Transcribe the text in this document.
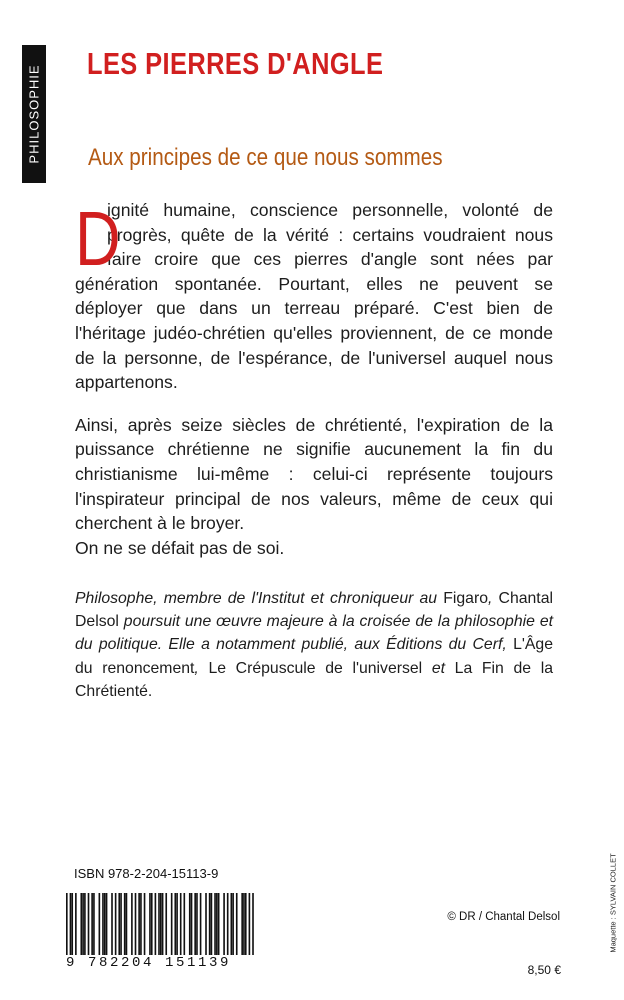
PHILOSOPHIE
LES PIERRES D'ANGLE
Aux principes de ce que nous sommes

D
ignité humaine, conscience personnelle, volonté de
progrès, quête de la vérité : certains voudraient nous
faire croire que ces pierres d'angle sont nées par
génération spontanée. Pourtant, elles ne peuvent se déployer que dans un terreau préparé. C'est bien de l'héritage judéo-chrétien qu'elles proviennent, de ce monde de la personne, de l'espérance, de l'universel auquel nous appartenons.

Ainsi, après seize siècles de chrétienté, l'expiration de la puissance chrétienne ne signifie aucunement la fin du christianisme lui-même : celui-ci représente toujours l'inspirateur principal de nos valeurs, même de ceux qui cherchent à le broyer.

On ne se défait pas de soi.

Philosophe, membre de l'Institut et chroniqueur au Figaro, Chantal Delsol poursuit une œuvre majeure à la croisée de la philosophie et du politique. Elle a notamment publié, aux Éditions du Cerf, L'Âge du renoncement, Le Crépuscule de l'universel et La Fin de la Chrétienté.
ISBN 978-2-204-15113-9
9 782204 151139
© DR / Chantal Delsol
8,50 €
Maquette : SYLVAIN COLLET
